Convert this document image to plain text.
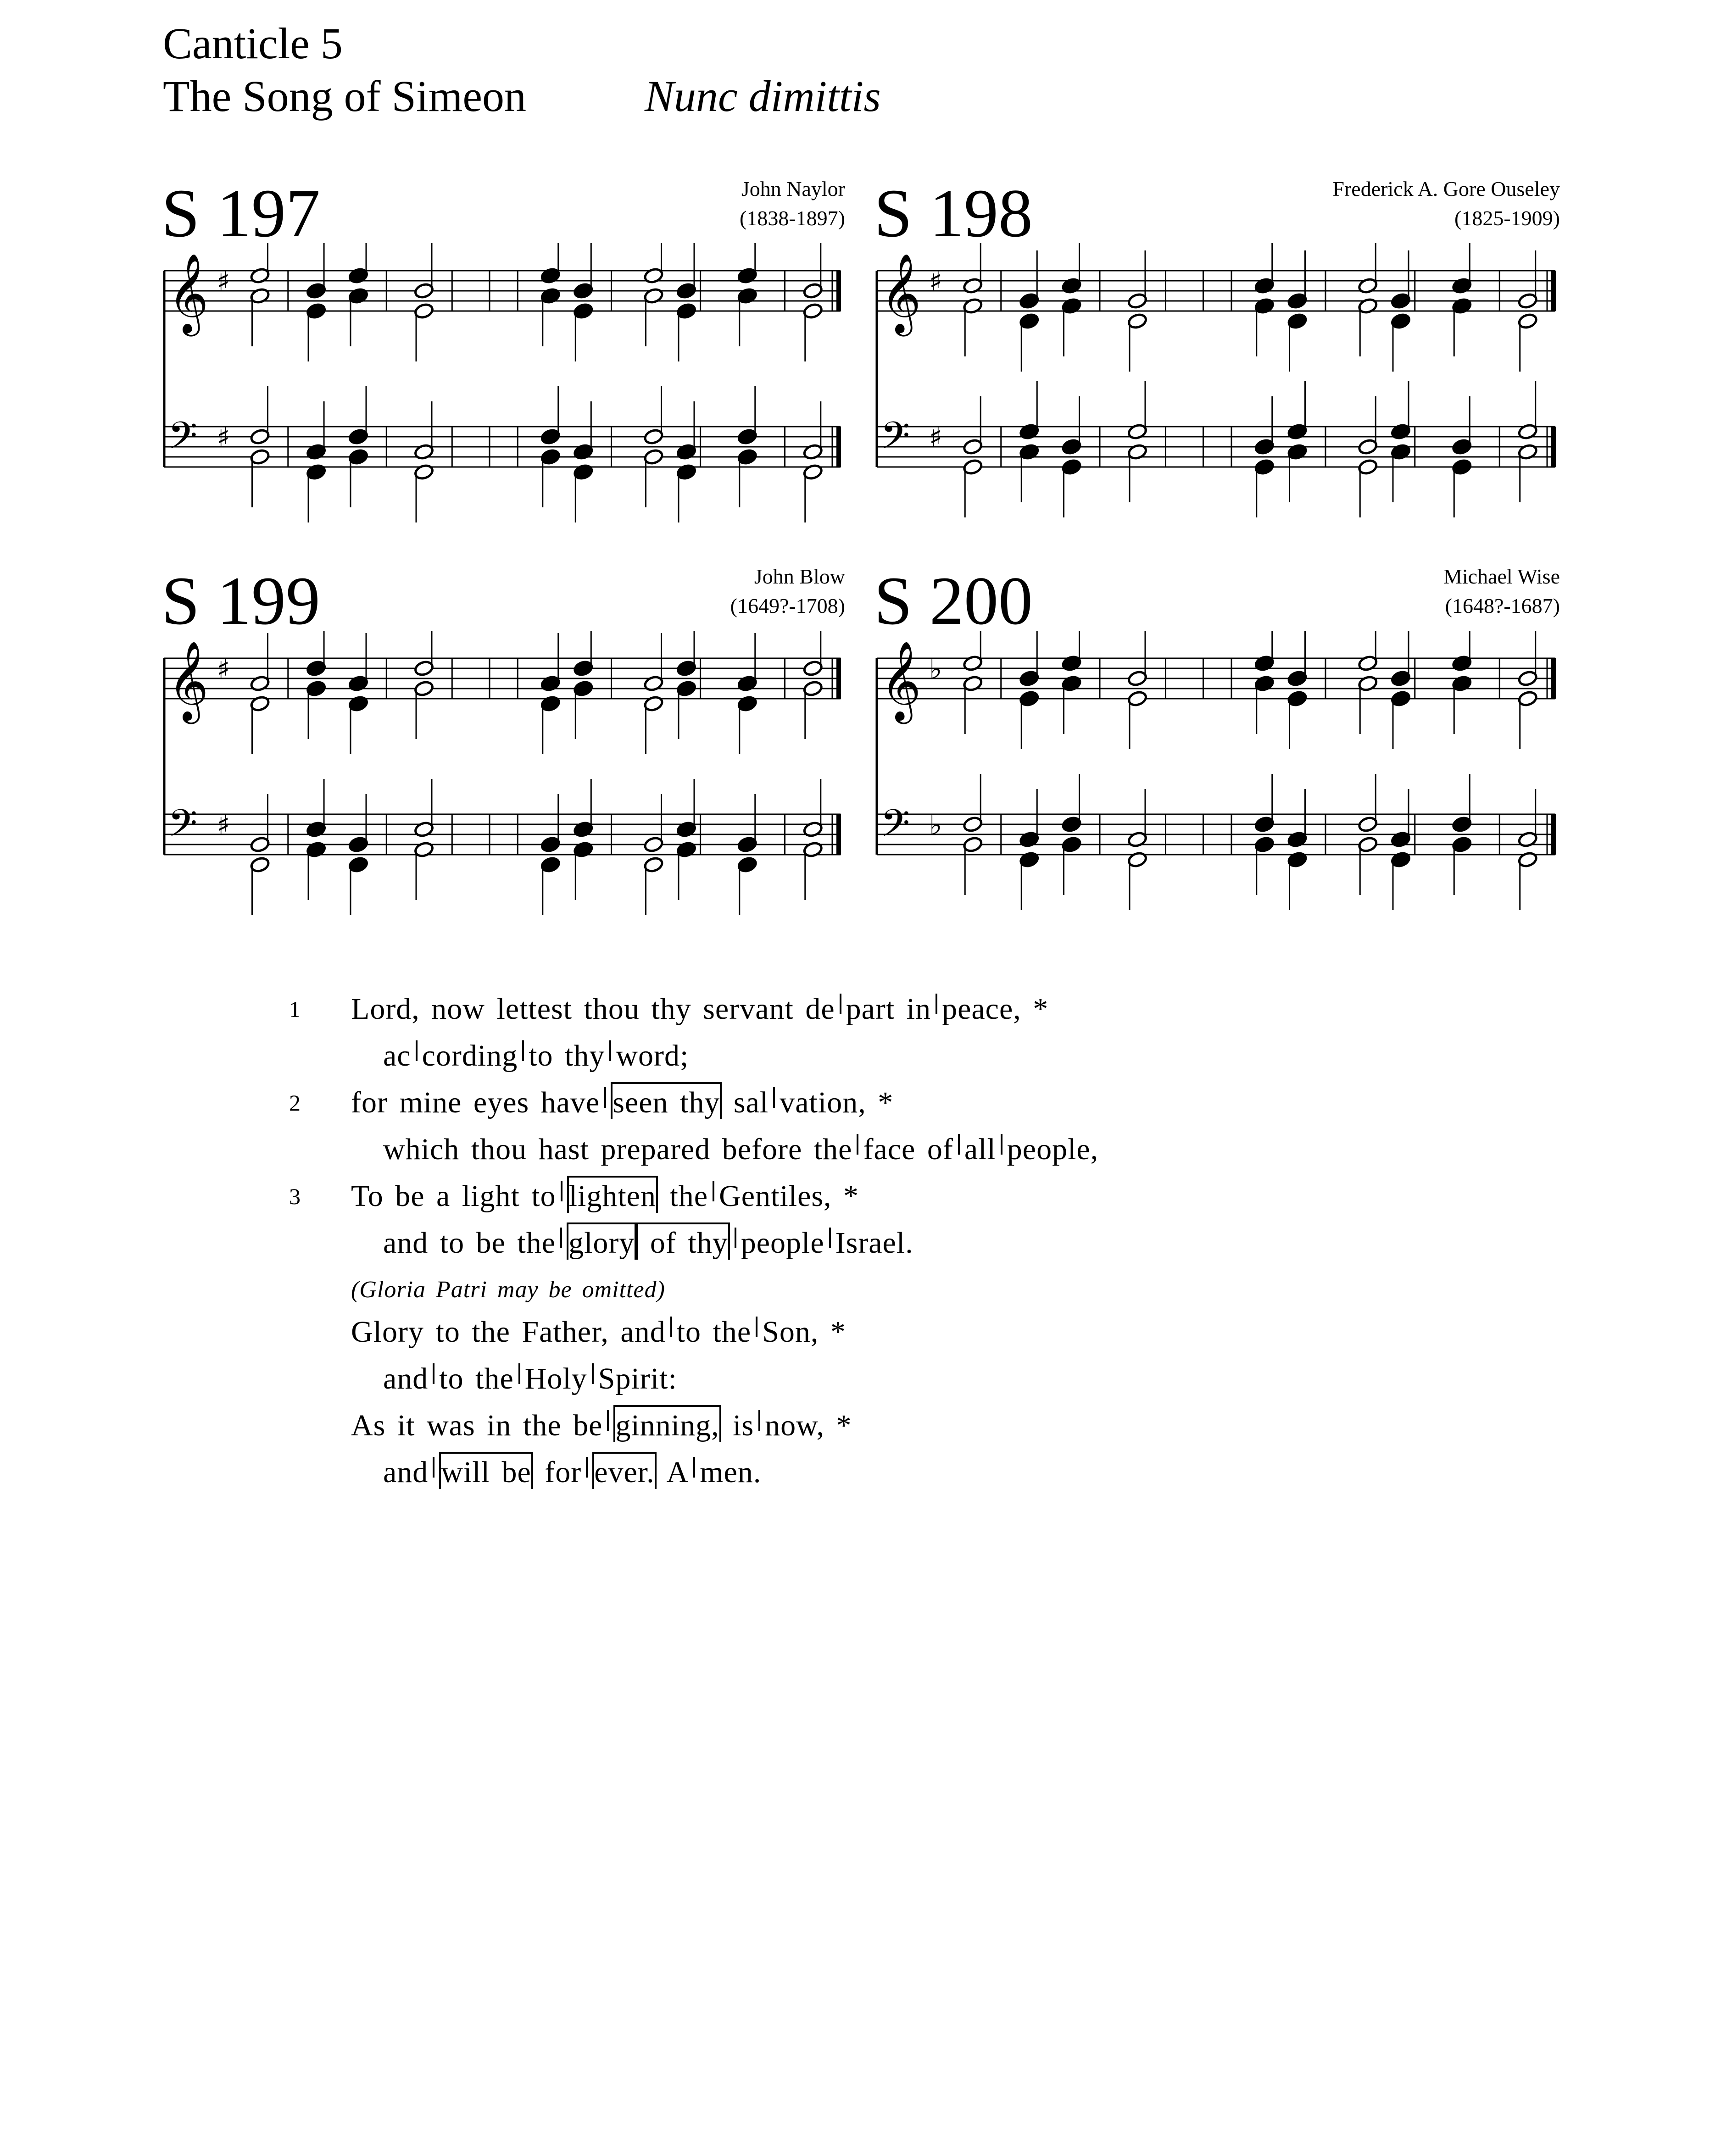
Canticle 5
The Song of Simeon	Nunc dimittis
S 197	John Naylor
(1838-1897)
𝄞 ♯
𝄢 ♯
S 198	Frederick A. Gore Ouseley
(1825-1909)
𝄞 ♯
𝄢 ♯
S 199	John Blow
(1649?-1708)
𝄞 ♯
𝄢 ♯
S 200	Michael Wise
(1648?-1687)
𝄞 ♭
𝄢 ♭
1 Lord, now lettest thou thy servant de part in peace, *
ac cording to thy word;
2 for mine eyes have seen thy sal vation, *
which thou hast prepared before the face of all people,
3 To be a light to lighten the Gentiles, *
and to be the glory of thy people Israel.
(Gloria Patri may be omitted)
Glory to the Father, and to the Son, *
and to the Holy Spirit:
As it was in the be ginning, is now, *
and will be for ever. A men.
